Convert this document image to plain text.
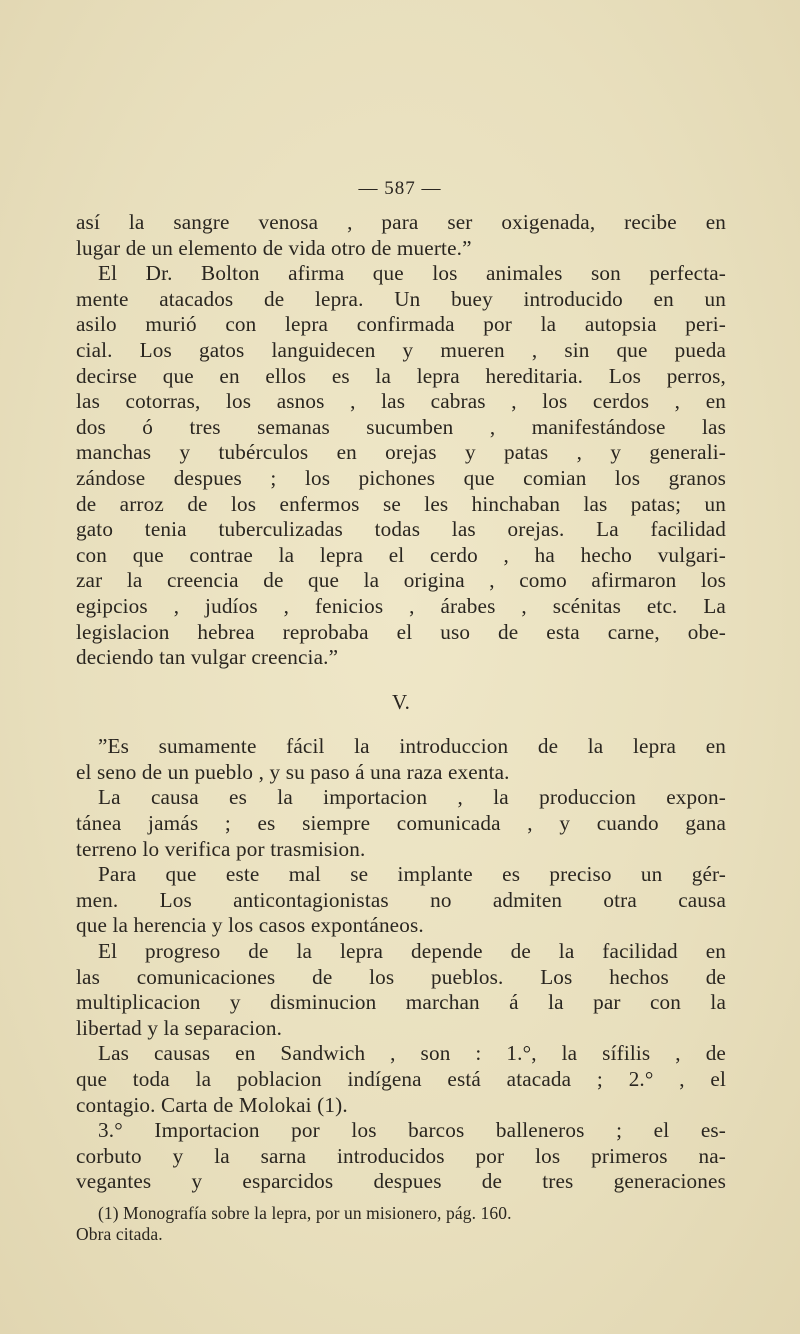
— 587 —
así la sangre venosa , para ser oxigenada, recibe en
lugar de un elemento de vida otro de muerte.”
El Dr. Bolton afirma que los animales son perfecta-
mente atacados de lepra. Un buey introducido en un
asilo murió con lepra confirmada por la autopsia peri-
cial. Los gatos languidecen y mueren , sin que pueda
decirse que en ellos es la lepra hereditaria. Los perros,
las cotorras, los asnos , las cabras , los cerdos , en
dos ó tres semanas sucumben , manifestándose las
manchas y tubérculos en orejas y patas , y generali-
zándose despues ; los pichones que comian los granos
de arroz de los enfermos se les hinchaban las patas; un
gato tenia tuberculizadas todas las orejas. La facilidad
con que contrae la lepra el cerdo , ha hecho vulgari-
zar la creencia de que la origina , como afirmaron los
egipcios , judíos , fenicios , árabes , scénitas etc. La
legislacion hebrea reprobaba el uso de esta carne, obe-
deciendo tan vulgar creencia.”
V.
”Es sumamente fácil la introduccion de la lepra en
el seno de un pueblo , y su paso á una raza exenta.
La causa es la importacion , la produccion expon-
tánea jamás ; es siempre comunicada , y cuando gana
terreno lo verifica por trasmision.
Para que este mal se implante es preciso un gér-
men. Los anticontagionistas no admiten otra causa
que la herencia y los casos expontáneos.
El progreso de la lepra depende de la facilidad en
las comunicaciones de los pueblos. Los hechos de
multiplicacion y disminucion marchan á la par con la
libertad y la separacion.
Las causas en Sandwich , son : 1.°, la sífilis , de
que toda la poblacion indígena está atacada ; 2.° , el
contagio. Carta de Molokai (1).
3.° Importacion por los barcos balleneros ; el es-
corbuto y la sarna introducidos por los primeros na-
vegantes y esparcidos despues de tres generaciones
(1) Monografía sobre la lepra, por un misionero, pág. 160.
Obra citada.
